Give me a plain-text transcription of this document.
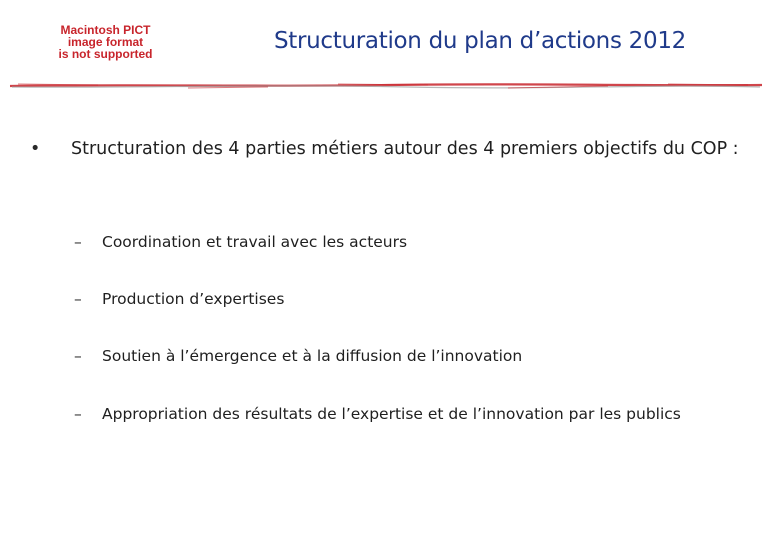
Macintosh PICT
image format
is not supported	Structuration du plan d’actions 2012
•	Structuration des 4 parties métiers autour des 4 premiers objectifs du COP :
– Coordination et travail avec les acteurs
– Production d’expertises
– Soutien à l’émergence et à la diffusion de l’innovation
– Appropriation des résultats de l’expertise et de l’innovation par les publics
